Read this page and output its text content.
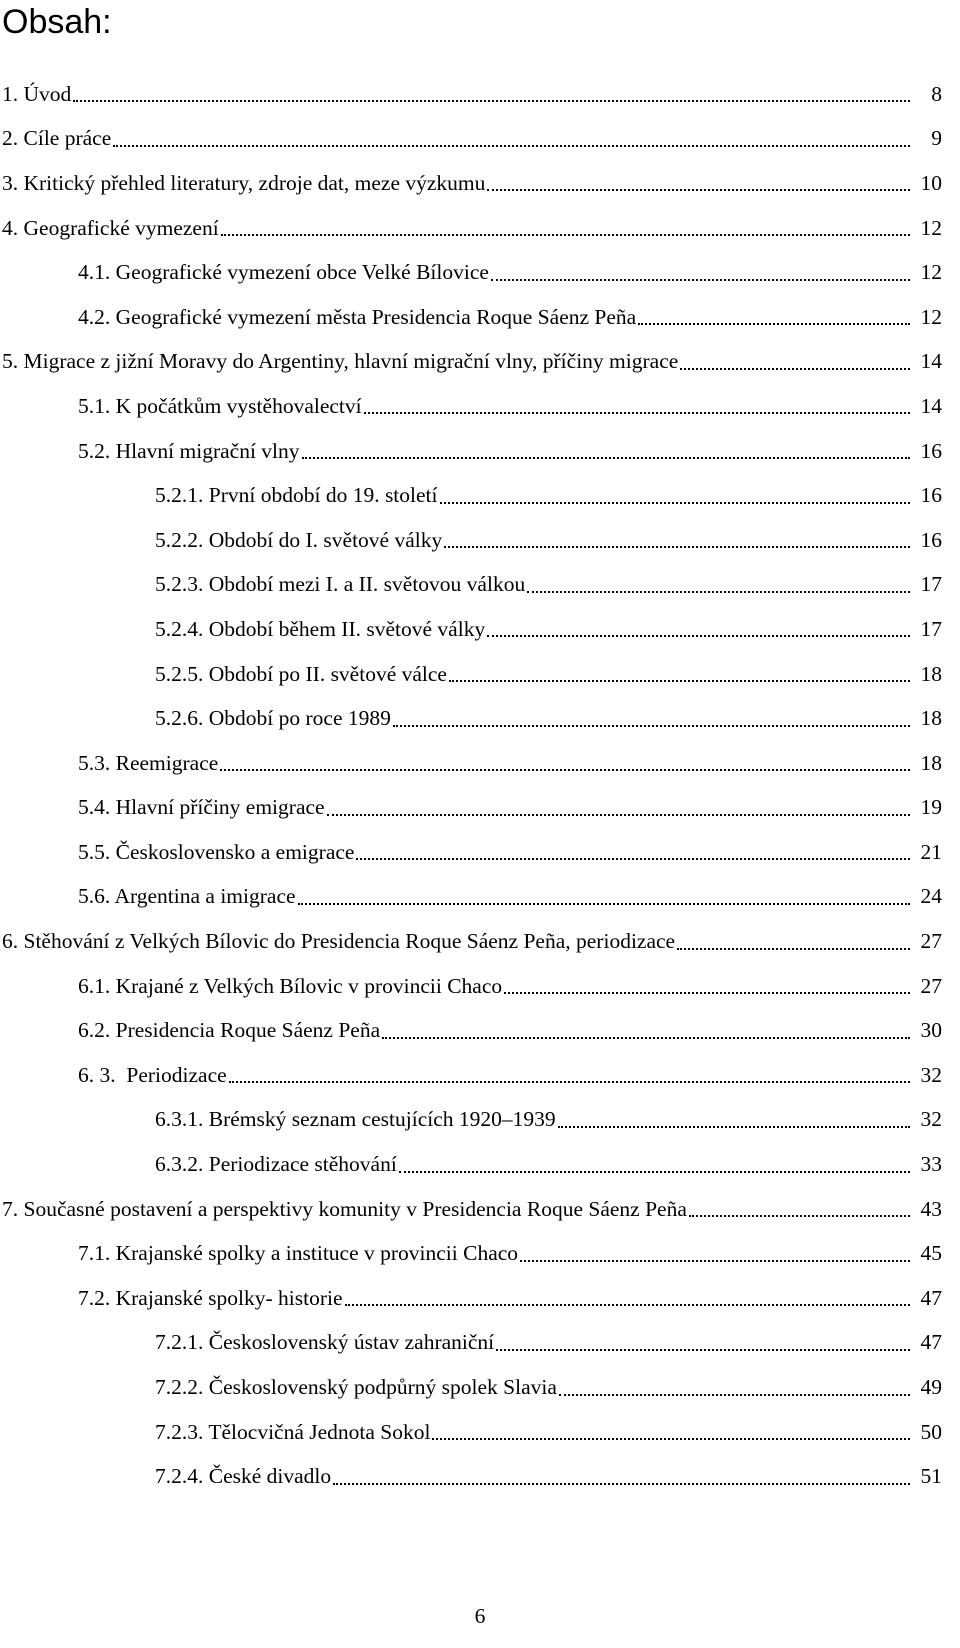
Obsah:
1. Úvod	8
2. Cíle práce	9
3. Kritický přehled literatury, zdroje dat, meze výzkumu	10
4. Geografické vymezení	12
4.1. Geografické vymezení obce Velké Bílovice	12
4.2. Geografické vymezení města Presidencia Roque Sáenz Peña	12
5. Migrace z jižní Moravy do Argentiny, hlavní migrační vlny, příčiny migrace	14
5.1. K počátkům vystěhovalectví	14
5.2. Hlavní migrační vlny	16
5.2.1. První období do 19. století	16
5.2.2. Období do I. světové války	16
5.2.3. Období mezi I. a II. světovou válkou	17
5.2.4. Období během II. světové války	17
5.2.5. Období po II. světové válce	18
5.2.6. Období po roce 1989	18
5.3. Reemigrace	18
5.4. Hlavní příčiny emigrace	19
5.5. Československo a emigrace	21
5.6. Argentina a imigrace	24
6. Stěhování z Velkých Bílovic do Presidencia Roque Sáenz Peña, periodizace	27
6.1. Krajané z Velkých Bílovic v provincii Chaco	27
6.2. Presidencia Roque Sáenz Peña	30
6. 3.  Periodizace	32
6.3.1. Brémský seznam cestujících 1920–1939	32
6.3.2. Periodizace stěhování	33
7. Současné postavení a perspektivy komunity v Presidencia Roque Sáenz Peña	43
7.1. Krajanské spolky a instituce v provincii Chaco	45
7.2. Krajanské spolky- historie	47
7.2.1. Československý ústav zahraniční	47
7.2.2. Československý podpůrný spolek Slavia	49
7.2.3. Tělocvičná Jednota Sokol	50
7.2.4. České divadlo	51
6
